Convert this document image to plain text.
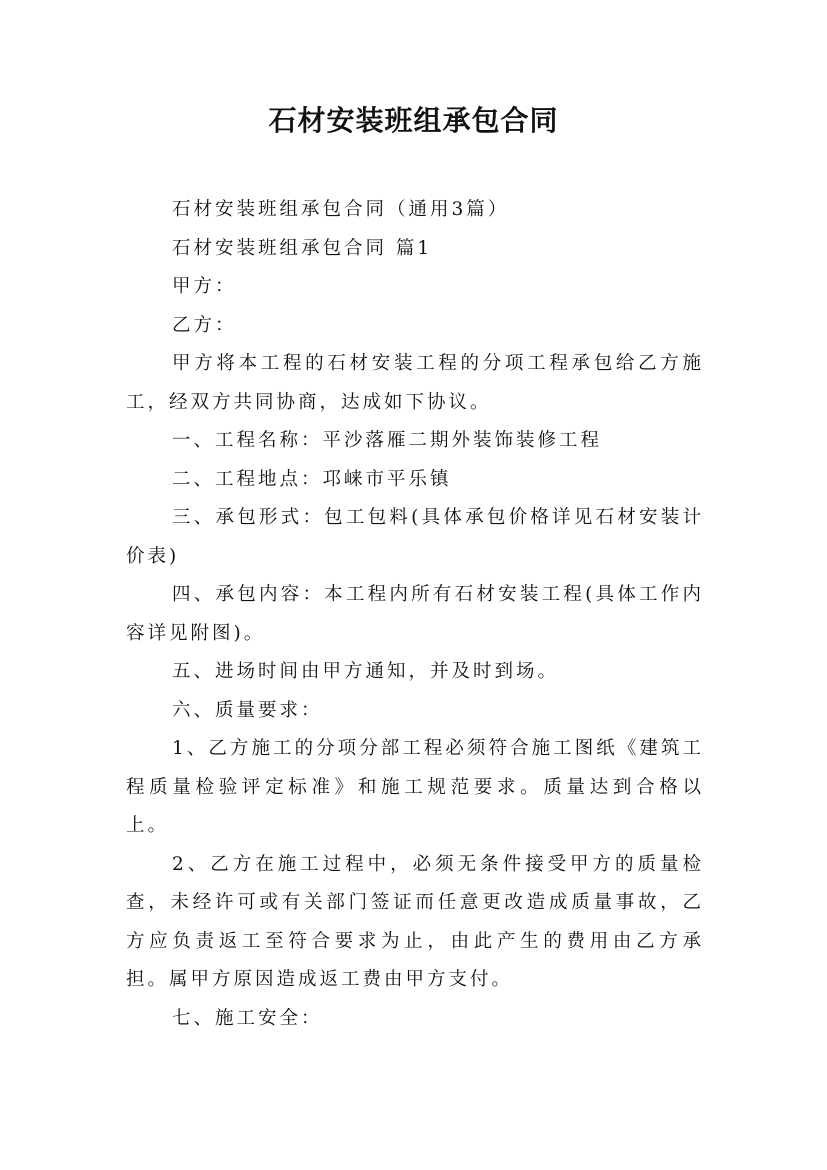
石材安装班组承包合同

石材安装班组承包合同（通用3篇）

石材安装班组承包合同 篇1

甲方：

乙方：

甲方将本工程的石材安装工程的分项工程承包给乙方施工，经双方共同协商，达成如下协议。

一、工程名称：平沙落雁二期外装饰装修工程

二、工程地点：邛崃市平乐镇

三、承包形式：包工包料(具体承包价格详见石材安装计价表)

四、承包内容：本工程内所有石材安装工程(具体工作内容详见附图)。

五、进场时间由甲方通知，并及时到场。

六、质量要求：

1、乙方施工的分项分部工程必须符合施工图纸《建筑工程质量检验评定标准》和施工规范要求。质量达到合格以上。

2、乙方在施工过程中，必须无条件接受甲方的质量检查，未经许可或有关部门签证而任意更改造成质量事故，乙方应负责返工至符合要求为止，由此产生的费用由乙方承担。属甲方原因造成返工费由甲方支付。

七、施工安全：
